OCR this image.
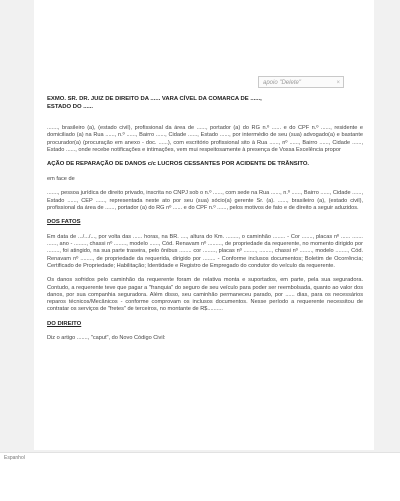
EXMO. SR. DR. JUIZ DE DIREITO DA ...... VARA CÍVEL DA COMARCA DE ......,
ESTADO DO ......

......., brasileiro (a), (estado civil), profissional da área de ......, portador (a) do RG n.º ...... e do CPF n.º ......, residente e domiciliado (a) na Rua ......, n.º ......, Bairro ......, Cidade ......, Estado ......, por intermédio de seu (sua) advogado(a) e bastante procurador(a) (procuração em anexo - doc. ......), com escritório profissional sito à Rua ......, nº ......, Bairro ......, Cidade ......, Estado ......, onde recebe notificações e intimações, vem mui respeitosamente à presença de Vossa Excelência propor

AÇÃO DE REPARAÇÃO DE DANOS c/c LUCROS CESSANTES POR ACIDENTE DE TRÂNSITO.

em face de

......., pessoa jurídica de direito privado, inscrita no CNPJ sob o n.º ......, com sede na Rua ......, n.º ......, Bairro ......, Cidade ......, Estado ......, CEP ......, representada neste ato por seu (sua) sócio(a) gerente Sr. (a). ......, brasileiro (a), (estado civil), profissional da área de ......, portador (a) do RG nº ...... e do CPF n.º ......, pelos motivos de fato e de direito a seguir aduzidos.

DOS FATOS

Em data de .../.../..., por volta das ...... horas, na BR. ...., altura do Km. ........, o caminhão ........ - Cor ......., placas nº ...... ....... ......, ano - ........, chassi nº ........, modelo ......, Cód. Renavam nº ........., de propriedade da requerente, no momento dirigido por ........, foi atingido, na sua parte traseira, pelo ônibus ........ cor ........, placas nº ........, ........, chassi nº ........, modelo ........, Cód. Renavam nº ........, de propriedade da requerida, dirigido por ........ - Conforme inclusos documentos; Boletim de Ocorrência; Certificado de Propriedade; Habilitação; Identidade e Registro de Empregado do condutor do veículo da requerente.

Os danos sofridos pelo caminhão da requerente foram de relativa monta e suportados, em parte, pela sua seguradora. Contudo, a requerente teve que pagar a "franquia" do seguro de seu veículo para poder ser reembolsada, quanto ao valor dos danos, por sua companhia seguradora. Além disso, seu caminhão permaneceu parado, por ...... dias, para os necessários reparos técnicos/Mecânicos - conforme comprovam os inclusos documentos. Nesse período a requerente necessitou de contratar os serviços de "fretes" de terceiros, no montante de R$..........

DO DIREITO

Diz o artigo ......., "caput", do Novo Código Civil:

apoio "Delete"	×
Espanhol
